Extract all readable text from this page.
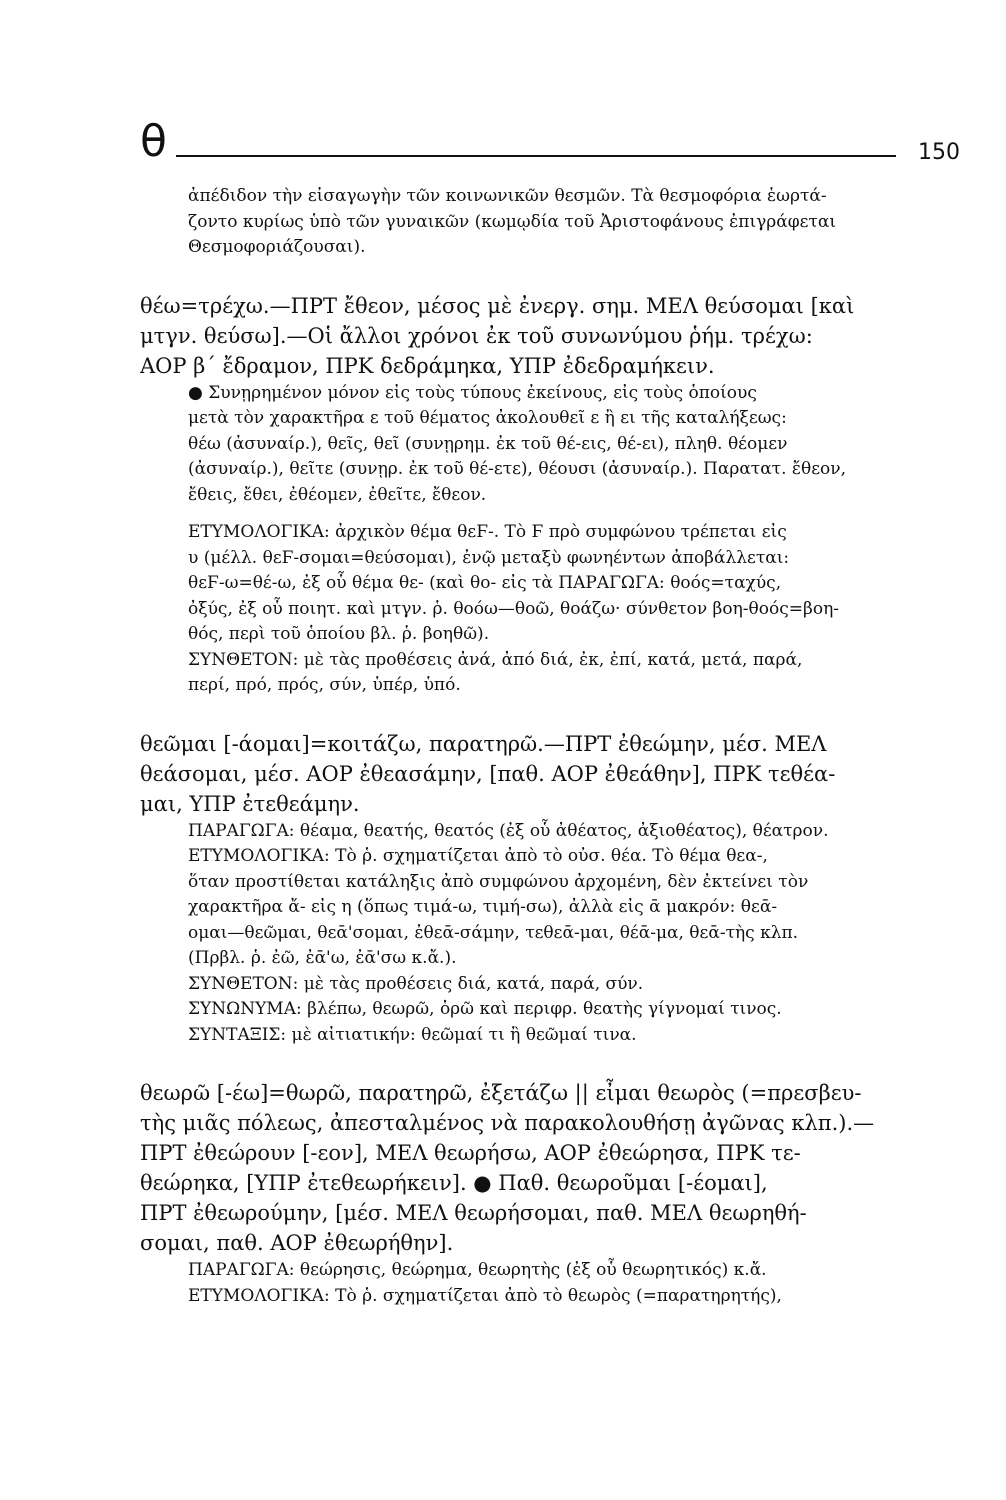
θ	150
ἀπέδιδον τὴν εἰσαγωγὴν τῶν κοινωνικῶν θεσμῶν. Τὰ θεσμοφόρια ἑωρτά-
ζοντο κυρίως ὑπὸ τῶν γυναικῶν (κωμῳδία τοῦ Ἀριστοφάνους ἐπιγράφεται
Θεσμοφοριάζουσαι).
θέω=τρέχω.—ΠΡΤ ἔθεον, μέσος μὲ ἐνεργ. σημ. ΜΕΛ θεύσομαι [καὶ
μτγν. θεύσω].—Οἱ ἄλλοι χρόνοι ἐκ τοῦ συνωνύμου ῥήμ. τρέχω:
ΑΟΡ β΄ ἔδραμον, ΠΡΚ δεδράμηκα, ΥΠΡ ἐδεδραμήκειν.
● Συνῃρημένον μόνον εἰς τοὺς τύπους ἐκείνους, εἰς τοὺς ὁποίους
μετὰ τὸν χαρακτῆρα ε τοῦ θέματος ἀκολουθεῖ ε ἢ ει τῆς καταλήξεως:
θέω (ἀσυναίρ.), θεῖς, θεῖ (συνῃρημ. ἐκ τοῦ θέ-εις, θέ-ει), πληθ. θέομεν
(ἀσυναίρ.), θεῖτε (συνῃρ. ἐκ τοῦ θέ-ετε), θέουσι (ἀσυναίρ.). Παρατατ. ἔθεον,
ἔθεις, ἔθει, ἐθέομεν, ἐθεῖτε, ἔθεον.
ΕΤΥΜΟΛΟΓΙΚΑ: ἀρχικὸν θέμα θεϜ-. Τὸ Ϝ πρὸ συμφώνου τρέπεται εἰς
υ (μέλλ. θεϜ-σομαι=θεύσομαι), ἐνῷ μεταξὺ φωνηέντων ἀποβάλλεται:
θεϜ-ω=θέ-ω, ἐξ οὗ θέμα θε- (καὶ θο- εἰς τὰ ΠΑΡΑΓΩΓΑ: θοός=ταχύς,
ὀξύς, ἐξ οὗ ποιητ. καὶ μτγν. ῥ. θοόω—θοῶ, θοάζω· σύνθετον βοη-θοός=βοη-
θός, περὶ τοῦ ὁποίου βλ. ῥ. βοηθῶ).
ΣΥΝΘΕΤΟΝ: μὲ τὰς προθέσεις ἀνά, ἀπό διά, ἐκ, ἐπί, κατά, μετά, παρά,
περί, πρό, πρός, σύν, ὑπέρ, ὑπό.
θεῶμαι [-άομαι]=κοιτάζω, παρατηρῶ.—ΠΡΤ ἐθεώμην, μέσ. ΜΕΛ
θεάσομαι, μέσ. ΑΟΡ ἐθεασάμην, [παθ. ΑΟΡ ἐθεάθην], ΠΡΚ τεθέα-
μαι, ΥΠΡ ἐτεθεάμην.
ΠΑΡΑΓΩΓΑ: θέαμα, θεατής, θεατός (ἐξ οὗ ἀθέατος, ἀξιοθέατος), θέατρον.
ΕΤΥΜΟΛΟΓΙΚΑ: Τὸ ῥ. σχηματίζεται ἀπὸ τὸ οὐσ. θέα. Τὸ θέμα θεα-,
ὅταν προστίθεται κατάληξις ἀπὸ συμφώνου ἀρχομένη, δὲν ἐκτείνει τὸν
χαρακτῆρα ἄ- εἰς η (ὅπως τιμά-ω, τιμή-σω), ἀλλὰ εἰς ᾱ μακρόν: θεᾱ-
ομαι—θεῶμαι, θεᾱ'σομαι, ἐθεᾱ-σάμην, τεθεᾱ-μαι, θέᾱ-μα, θεᾱ-τὴς κλπ.
(Πρβλ. ῥ. ἐῶ, ἐᾱ'ω, ἐᾱ'σω κ.ἄ.).
ΣΥΝΘΕΤΟΝ: μὲ τὰς προθέσεις διά, κατά, παρά, σύν.
ΣΥΝΩΝΥΜΑ: βλέπω, θεωρῶ, ὁρῶ καὶ περιφρ. θεατὴς γίγνομαί τινος.
ΣΥΝΤΑΞΙΣ: μὲ αἰτιατικήν: θεῶμαί τι ἢ θεῶμαί τινα.
θεωρῶ [-έω]=θωρῶ, παρατηρῶ, ἐξετάζω || εἶμαι θεωρὸς (=πρεσβευ-
τὴς μιᾶς πόλεως, ἀπεσταλμένος νὰ παρακολουθήσῃ ἀγῶνας κλπ.).—
ΠΡΤ ἐθεώρουν [-εον], ΜΕΛ θεωρήσω, ΑΟΡ ἐθεώρησα, ΠΡΚ τε-
θεώρηκα, [ΥΠΡ ἐτεθεωρήκειν]. ● Παθ. θεωροῦμαι [-έομαι],
ΠΡΤ ἐθεωρούμην, [μέσ. ΜΕΛ θεωρήσομαι, παθ. ΜΕΛ θεωρηθή-
σομαι, παθ. ΑΟΡ ἐθεωρήθην].
ΠΑΡΑΓΩΓΑ: θεώρησις, θεώρημα, θεωρητὴς (ἐξ οὗ θεωρητικός) κ.ἄ.
ΕΤΥΜΟΛΟΓΙΚΑ: Τὸ ῥ. σχηματίζεται ἀπὸ τὸ θεωρὸς (=παρατηρητής),
